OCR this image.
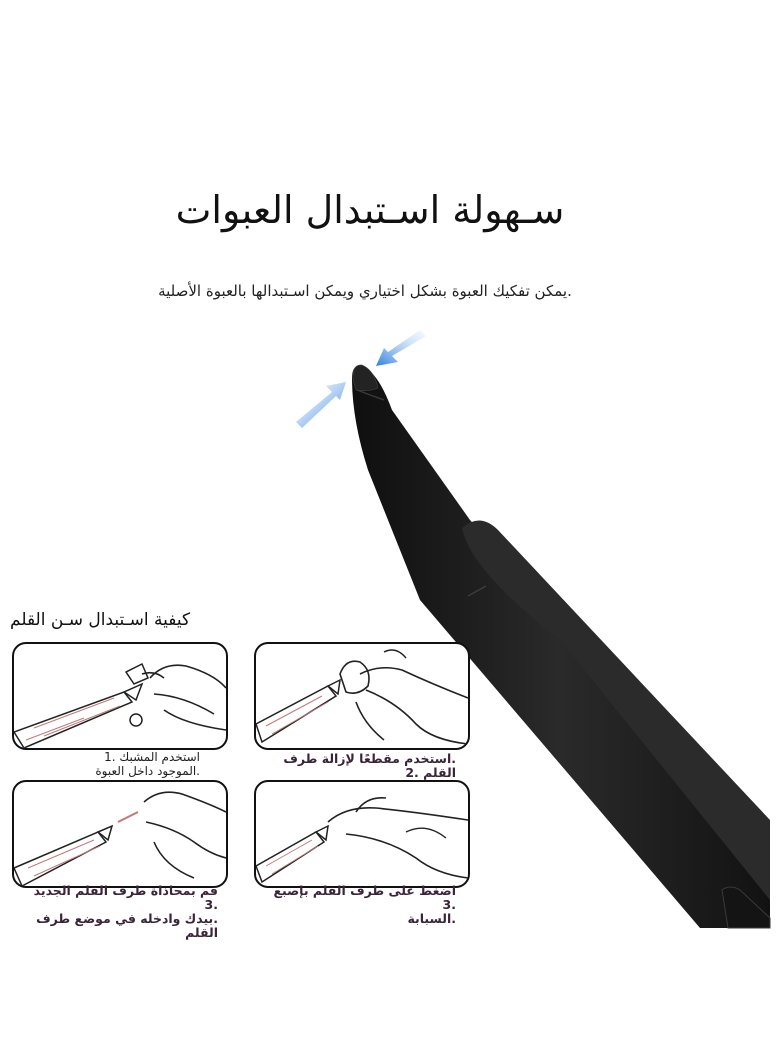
سـهولة اسـتبدال العبوات
.يمكن تفكيك العبوة بشكل اختياري ويمكن اسـتبدالها بالعبوة الأصلية
كيفية اسـتبدال سـن القلم
استخدم المشبك .1
.الموجود داخل العبوة
.استخدم مقطعًا لإزالة طرف القلم .2
قم بمحاذاة طرف القلم الجديد .3
.بيدك وادخله في موضع طرف القلم
اضغط على طرف القلم بإصبع .3
.السبابة
